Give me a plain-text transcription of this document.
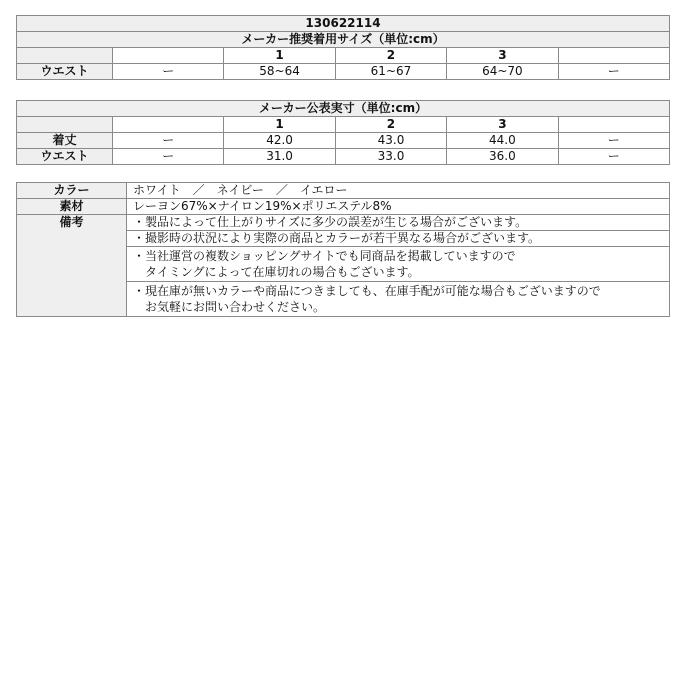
130622114					
メーカー推奨着用サイズ（単位:cm）					
		1	2	3	
ウエスト	ー	58~64	61~67	64~70	ー
メーカー公表実寸（単位:cm）					
		1	2	3	
着丈	ー	42.0	43.0	44.0	ー
ウエスト	ー	31.0	33.0	36.0	ー
カラー	ホワイト　／　ネイビー　／　イエロー
素材	レーヨン67%×ナイロン19%×ポリエステル8%
備考	・製品によって仕上がりサイズに多少の誤差が生じる場合がございます。

	・撮影時の状況により実際の商品とカラーが若干異なる場合がございます。

	・当社運営の複数ショッピングサイトでも同商品を掲載していますので
タイミングによって在庫切れの場合もございます。

	・現在庫が無いカラーや商品につきましても、在庫手配が可能な場合もございますので
お気軽にお問い合わせください。
